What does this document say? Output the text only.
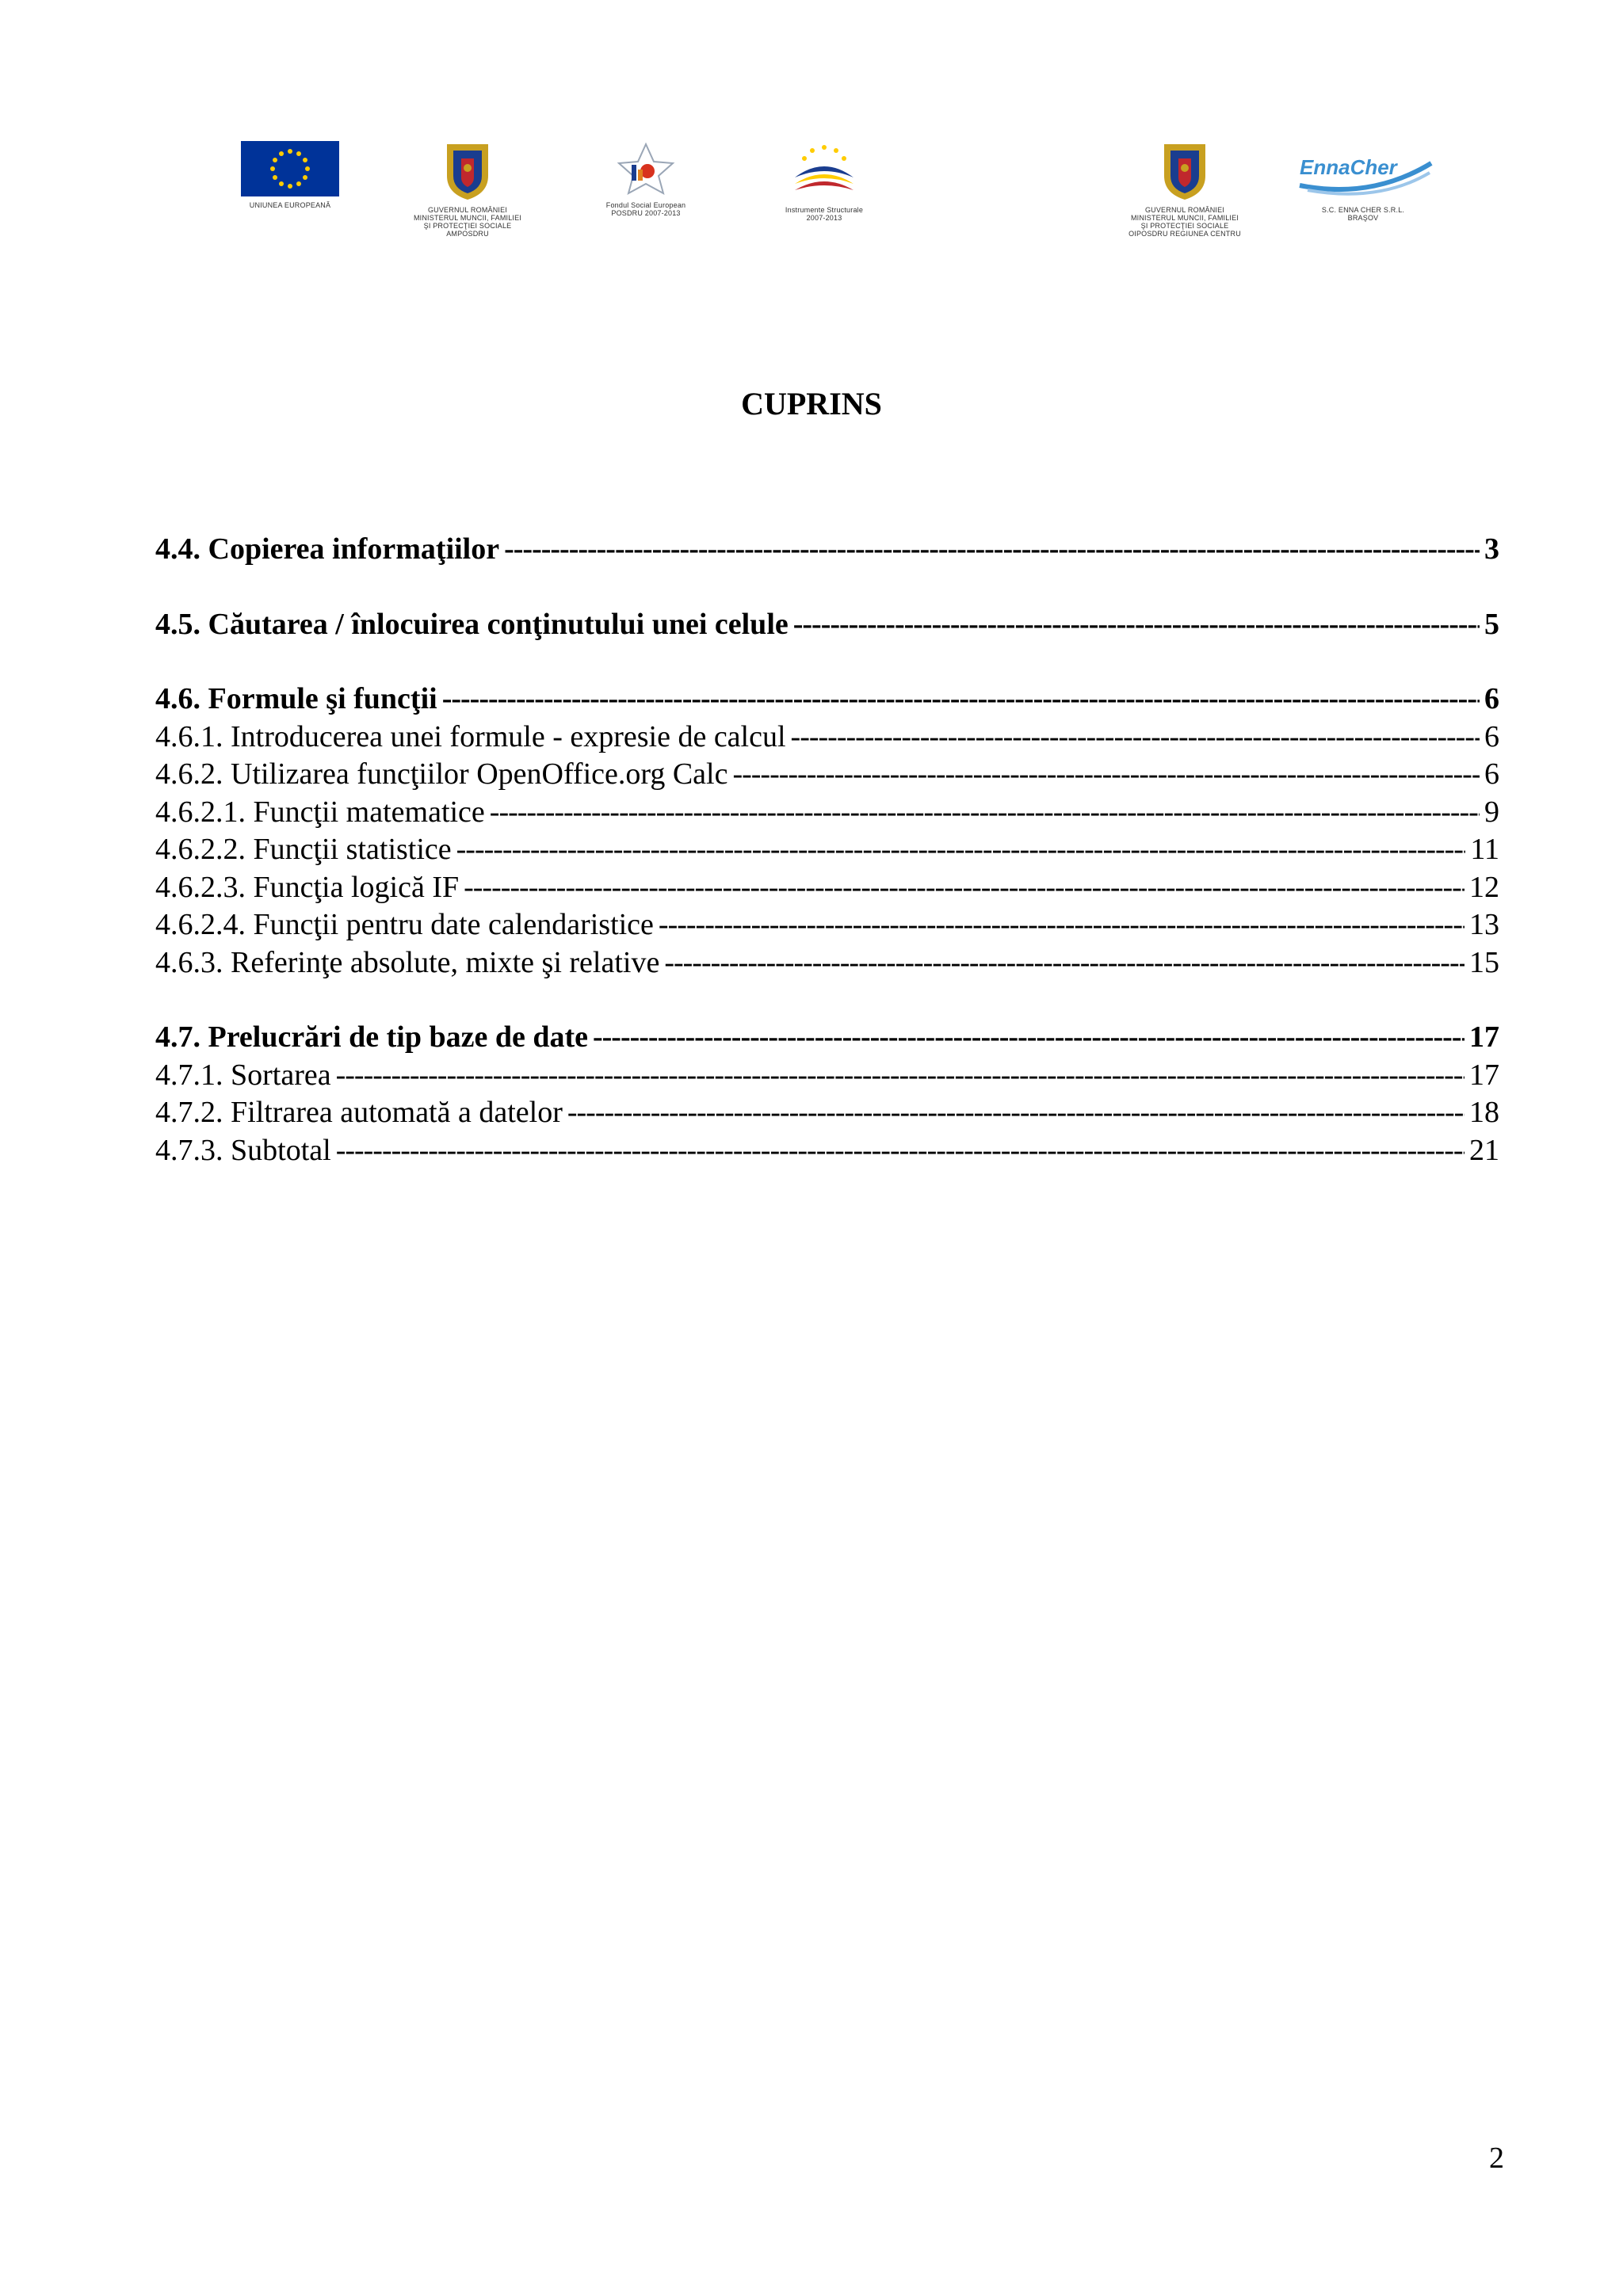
UNIUNEA EUROPEANĂ
GUVERNUL ROMÂNIEI
MINISTERUL MUNCII, FAMILIEI
ŞI PROTECŢIEI SOCIALE
AMPOSDRU
Fondul Social European
POSDRU 2007-2013	Instrumente Structurale
2007-2013
GUVERNUL ROMÂNIEI
MINISTERUL MUNCII, FAMILIEI
ŞI PROTECŢIEI SOCIALE
OIPOSDRU REGIUNEA CENTRU
EnnaCher
S.C. ENNA CHER S.R.L.
BRAŞOV
CUPRINS
4.4. Copierea informaţiilor -----	3
4.5. Căutarea / înlocuirea conţinutului unei celule -----	5
4.6. Formule şi funcţii -----	6
4.6.1. Introducerea unei formule - expresie de calcul -----	6
4.6.2. Utilizarea funcţiilor OpenOffice.org Calc -----	6
4.6.2.1. Funcţii matematice -----	9
4.6.2.2. Funcţii statistice -----	11
4.6.2.3. Funcţia logică IF -----	12
4.6.2.4. Funcţii pentru date calendaristice -----	13
4.6.3. Referinţe absolute, mixte şi relative -----	15
4.7. Prelucrări de tip baze de date -----	17
4.7.1. Sortarea -----	17
4.7.2. Filtrarea automată a datelor -----	18
4.7.3. Subtotal -----	21
2
